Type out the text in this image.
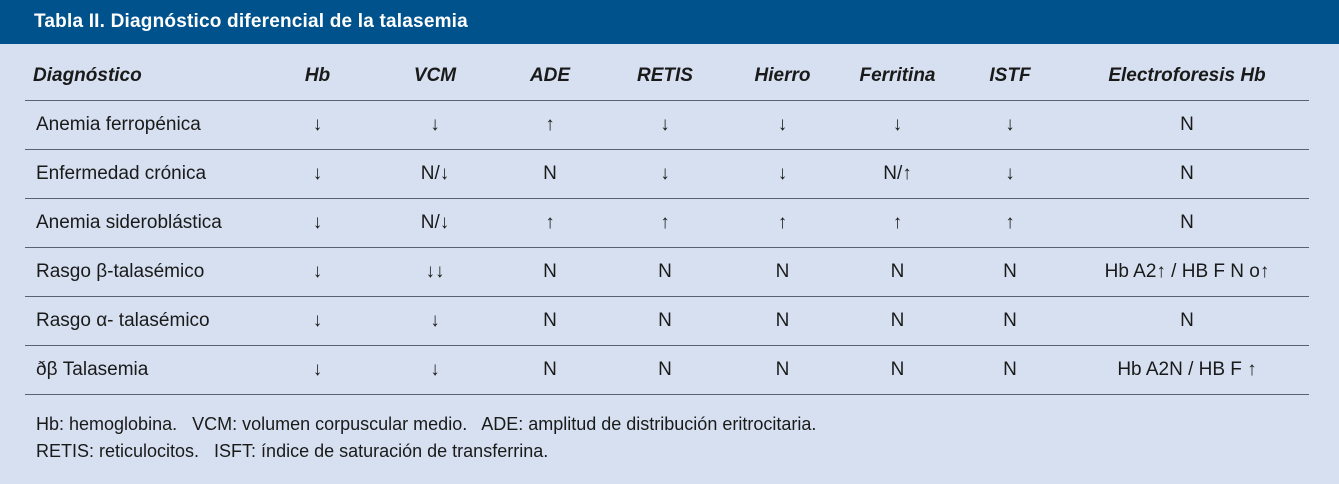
Tabla II. Diagnóstico diferencial de la talasemia
Diagnóstico	Hb	VCM	ADE	RETIS	Hierro	Ferritina	ISTF	Electroforesis Hb
Anemia ferropénica	↓	↓	↑	↓	↓	↓	↓	N
Enfermedad crónica	↓	N/↓	N	↓	↓	N/↑	↓	N
Anemia sideroblástica	↓	N/↓	↑	↑	↑	↑	↑	N
Rasgo β-talasémico	↓	↓↓	N	N	N	N	N	Hb A2↑ / HB F N o↑
Rasgo α- talasémico	↓	↓	N	N	N	N	N	N
ðβ Talasemia	↓	↓	N	N	N	N	N	Hb A2N / HB F ↑
Hb: hemoglobina.   VCM: volumen corpuscular medio.   ADE: amplitud de distribución eritrocitaria.
RETIS: reticulocitos.   ISFT: índice de saturación de transferrina.
